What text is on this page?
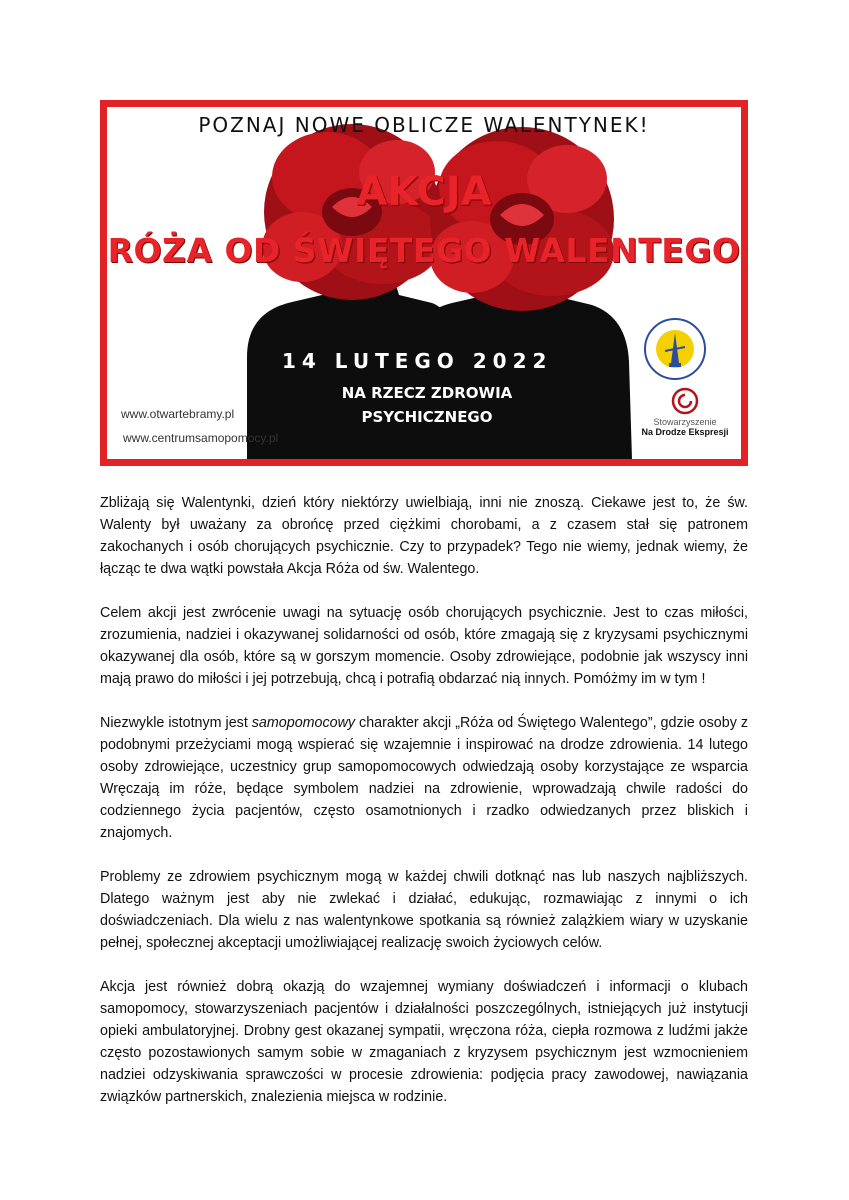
POZNAJ NOWE OBLICZE WALENTYNEK!
AKCJA
RÓŻA OD ŚWIĘTEGO WALENTEGO
14 LUTEGO 2022
NA RZECZ ZDROWIA
PSYCHICZNEGO
www.otwartebramy.pl
www.centrumsamopomocy.pl
Stowarzyszenie
Na Drodze Ekspresji

Zbliżają się Walentynki, dzień który niektórzy uwielbiają, inni nie znoszą. Ciekawe jest to, że św. Walenty był uważany za obrońcę przed ciężkimi chorobami, a z czasem stał się patronem zakochanych i osób chorujących psychicznie. Czy to przypadek? Tego nie wiemy, jednak wiemy, że łącząc te dwa wątki powstała Akcja Róża od św. Walentego.

Celem akcji jest zwrócenie uwagi na sytuację osób chorujących psychicznie. Jest to czas miłości, zrozumienia, nadziei i okazywanej solidarności od osób, które zmagają się z kryzysami psychicznymi okazywanej dla osób, które są w gorszym momencie. Osoby zdrowiejące, podobnie jak wszyscy inni mają prawo do miłości i jej potrzebują, chcą i potrafią obdarzać nią innych. Pomóżmy im w tym !

Niezwykle istotnym jest samopomocowy charakter akcji „Róża od Świętego Walentego”, gdzie osoby z podobnymi przeżyciami mogą wspierać się wzajemnie i inspirować na drodze zdrowienia. 14 lutego osoby zdrowiejące, uczestnicy grup samopomocowych odwiedzają osoby korzystające ze wsparcia Wręczają im róże, będące symbolem nadziei na zdrowienie, wprowadzają chwile radości do codziennego życia pacjentów, często osamotnionych i rzadko odwiedzanych przez bliskich i znajomych.

Problemy ze zdrowiem psychicznym mogą w każdej chwili dotknąć nas lub naszych najbliższych. Dlatego ważnym jest aby nie zwlekać i działać, edukując, rozmawiając z innymi o ich doświadczeniach. Dla wielu z nas walentynkowe spotkania są również zalążkiem wiary w uzyskanie pełnej, społecznej akceptacji umożliwiającej realizację swoich życiowych celów.

Akcja jest również dobrą okazją do wzajemnej wymiany doświadczeń i informacji o klubach samopomocy, stowarzyszeniach pacjentów i działalności poszczególnych, istniejących już instytucji opieki ambulatoryjnej. Drobny gest okazanej sympatii, wręczona róża, ciepła rozmowa z ludźmi jakże często pozostawionych samym sobie w zmaganiach z kryzysem psychicznym jest wzmocnieniem nadziei odzyskiwania sprawczości w procesie zdrowienia: podjęcia pracy zawodowej, nawiązania związków partnerskich, znalezienia miejsca w rodzinie.
